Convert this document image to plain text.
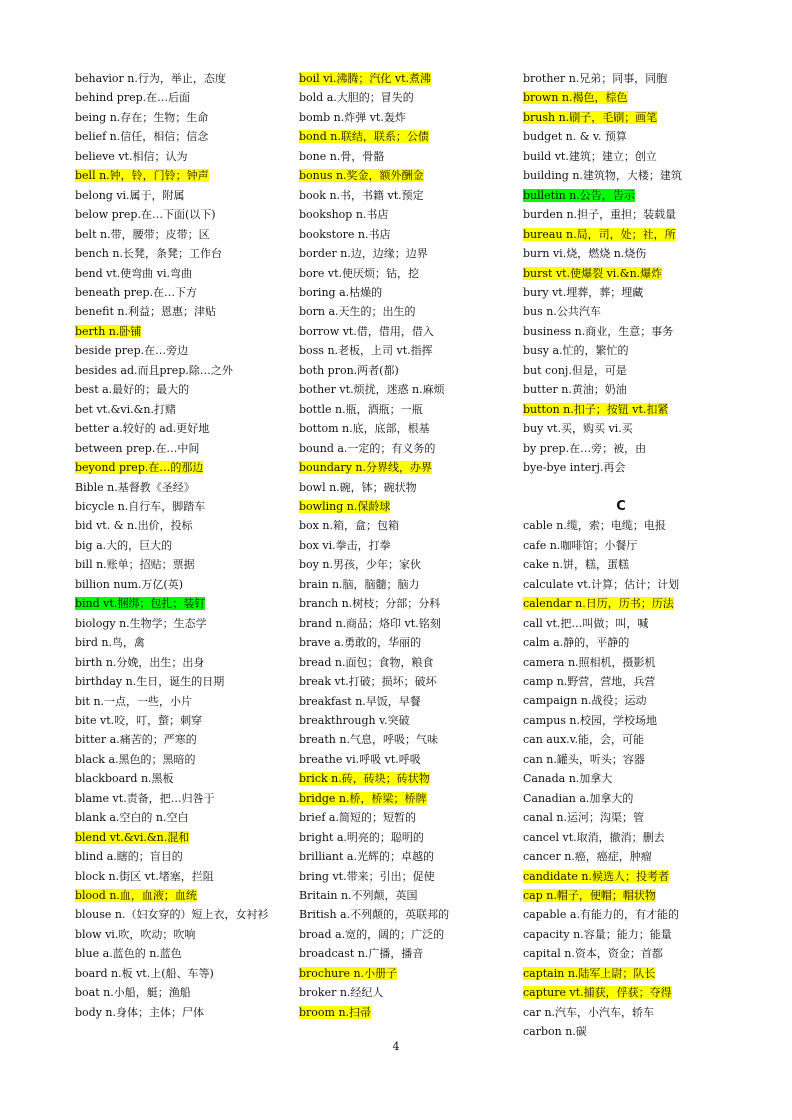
behavior n.行为，举止，态度
behind prep.在…后面
being n.存在；生物；生命
belief n.信任，相信；信念
believe vt.相信；认为
bell n.钟，铃，门铃；钟声
belong vi.属于，附属
below prep.在…下面(以下)
belt n.带，腰带；皮带；区
bench n.长凳，条凳；工作台
bend vt.使弯曲 vi.弯曲
beneath prep.在…下方
benefit n.利益；恩惠；津贴
berth n.卧铺
beside prep.在…旁边
besides ad.而且prep.除…之外
best a.最好的；最大的
bet vt.&vi.&n.打赌
better a.较好的 ad.更好地
between prep.在…中间
beyond prep.在…的那边
Bible n.基督教《圣经》
bicycle n.自行车，脚踏车
bid vt. & n.出价，投标
big a.大的，巨大的
bill n.账单；招贴；票据
billion num.万亿(英)
bind vt.捆绑；包扎；装钉
biology n.生物学；生态学
bird n.鸟，禽
birth n.分娩，出生；出身
birthday n.生日，诞生的日期
bit n.一点，一些，小片
bite vt.咬，叮，螫；刺穿
bitter a.痛苦的；严寒的
black a.黑色的；黑暗的
blackboard n.黑板
blame vt.责备，把…归咎于
blank a.空白的 n.空白
blend vt.&vi.&n.混和
blind a.瞎的；盲目的
block n.街区 vt.堵塞，拦阻
blood n.血，血液；血统
blouse n.（妇女穿的）短上衣，女衬衫
blow vi.吹，吹动；吹响
blue a.蓝色的 n.蓝色
board n.板 vt.上(船、车等)
boat n.小船，艇；渔船
body n.身体；主体；尸体
boil vi.沸腾；汽化 vt.煮沸
bold a.大胆的；冒失的
bomb n.炸弹 vt.轰炸
bond n.联结，联系；公债
bone n.骨，骨骼
bonus n.奖金，额外酬金
book n.书，书籍 vt.预定
bookshop n.书店
bookstore n.书店
border n.边，边缘；边界
bore vt.使厌烦；钻，挖
boring a.枯燥的
born a.天生的；出生的
borrow vt.借，借用，借入
boss n.老板，上司 vt.指挥
both pron.两者(都)
bother vt.烦扰，迷惑 n.麻烦
bottle n.瓶，酒瓶；一瓶
bottom n.底，底部，根基
bound a.一定的；有义务的
boundary n.分界线，办界
bowl n.碗，钵；碗状物
bowling n.保龄球
box n.箱，盒；包箱
box vi.拳击，打拳
boy n.男孩，少年；家伙
brain n.脑，脑髓；脑力
branch n.树枝；分部；分科
brand n.商品；烙印 vt.铭刻
brave a.勇敢的，华丽的
bread n.面包；食物，粮食
break vt.打破；损坏；破坏
breakfast n.早饭，早餐
breakthrough v.突破
breath n.气息，呼吸；气味
breathe vi.呼吸 vt.呼吸
brick n.砖，砖块；砖状物
bridge n.桥，桥梁；桥牌
brief a.简短的；短暂的
bright a.明亮的；聪明的
brilliant a.光辉的；卓越的
bring vt.带来；引出；促使
Britain n.不列颠，英国
British a.不列颠的，英联邦的
broad a.宽的，阔的；广泛的
broadcast n.广播，播音
brochure n.小册子
broker n.经纪人
broom n.扫帚
brother n.兄弟；同事，同胞
brown n.褐色，棕色
brush n.刷子，毛刷；画笔
budget n. & v. 预算
build vt.建筑；建立；创立
building n.建筑物，大楼；建筑
bulletin n.公告，告示
burden n.担子，重担；装载量
bureau n.局，司，处；社，所
burn vi.烧，燃烧 n.烧伤
burst vt.使爆裂 vi.&n.爆炸
bury vt.埋葬，葬；埋藏
bus n.公共汽车
business n.商业，生意；事务
busy a.忙的，繁忙的
but conj.但是，可是
butter n.黄油；奶油
button n.扣子；按钮 vt.扣紧
buy vt.买，购买 vi.买
by prep.在…旁；被，由
bye-bye interj.再会
C
cable n.缆，索；电缆；电报
cafe n.咖啡馆；小餐厅
cake n.饼，糕，蛋糕
calculate vt.计算；估计；计划
calendar n.日历，历书；历法
call vt.把…叫做；叫，喊
calm a.静的，平静的
camera n.照相机，摄影机
camp n.野营，营地，兵营
campaign n.战役；运动
campus n.校园，学校场地
can aux.v.能，会，可能
can n.罐头，听头；容器
Canada n.加拿大
Canadian a.加拿大的
canal n.运河；沟渠；管
cancel vt.取消，撤消；删去
cancer n.癌，癌症，肿瘤
candidate n.候选人；投考者
cap n.帽子，便帽；帽状物
capable a.有能力的，有才能的
capacity n.容量；能力；能量
capital n.资本，资金；首都
captain n.陆军上尉；队长
capture vt.捕获，俘获；夺得
car n.汽车，小汽车，轿车
carbon n.碳
4
